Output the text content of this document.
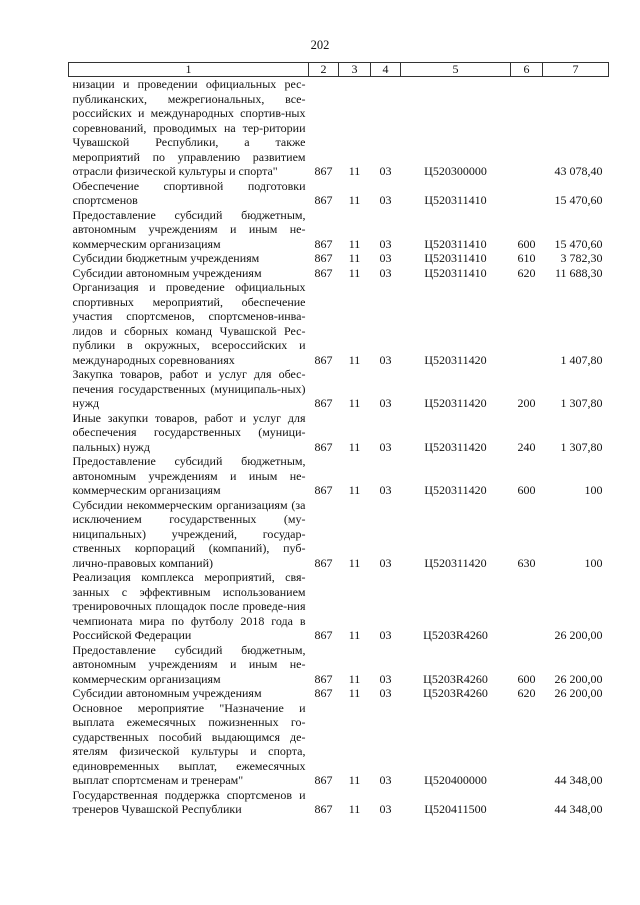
202
1	2	3	4	5	6	7
низации и проведении официальных рес-публиканских, межрегиональных, все-российских и международных спортив-ных соревнований, проводимых на тер-ритории Чувашской Республики, а также мероприятий по управлению развитием отрасли физической культуры и спорта"	867	11	03	Ц520300000		43 078,40
Обеспечение спортивной подготовки спортсменов	867	11	03	Ц520311410		15 470,60
Предоставление субсидий бюджетным, автономным учреждениям и иным не-коммерческим организациям	867	11	03	Ц520311410	600	15 470,60
Субсидии бюджетным учреждениям	867	11	03	Ц520311410	610	3 782,30
Субсидии автономным учреждениям	867	11	03	Ц520311410	620	11 688,30
Организация и проведение официальных спортивных мероприятий, обеспечение участия спортсменов, спортсменов-инва-лидов и сборных команд Чувашской Рес-публики в окружных, всероссийских и международных соревнованиях	867	11	03	Ц520311420		1 407,80
Закупка товаров, работ и услуг для обес-печения государственных (муниципаль-ных) нужд	867	11	03	Ц520311420	200	1 307,80
Иные закупки товаров, работ и услуг для обеспечения государственных (муници-пальных) нужд	867	11	03	Ц520311420	240	1 307,80
Предоставление субсидий бюджетным, автономным учреждениям и иным не-коммерческим организациям	867	11	03	Ц520311420	600	100
Субсидии некоммерческим организациям (за исключением государственных (му-ниципальных) учреждений, государ-ственных корпораций (компаний), пуб-лично-правовых компаний)	867	11	03	Ц520311420	630	100
Реализация комплекса мероприятий, свя-занных с эффективным использованием тренировочных площадок после проведе-ния чемпионата мира по футболу 2018 года в Российской Федерации	867	11	03	Ц5203R4260		26 200,00
Предоставление субсидий бюджетным, автономным учреждениям и иным не-коммерческим организациям	867	11	03	Ц5203R4260	600	26 200,00
Субсидии автономным учреждениям	867	11	03	Ц5203R4260	620	26 200,00
Основное мероприятие "Назначение и выплата ежемесячных пожизненных го-сударственных пособий выдающимся де-ятелям физической культуры и спорта, единовременных выплат, ежемесячных выплат спортсменам и тренерам"	867	11	03	Ц520400000		44 348,00
Государственная поддержка спортсменов и тренеров Чувашской Республики	867	11	03	Ц520411500		44 348,00
